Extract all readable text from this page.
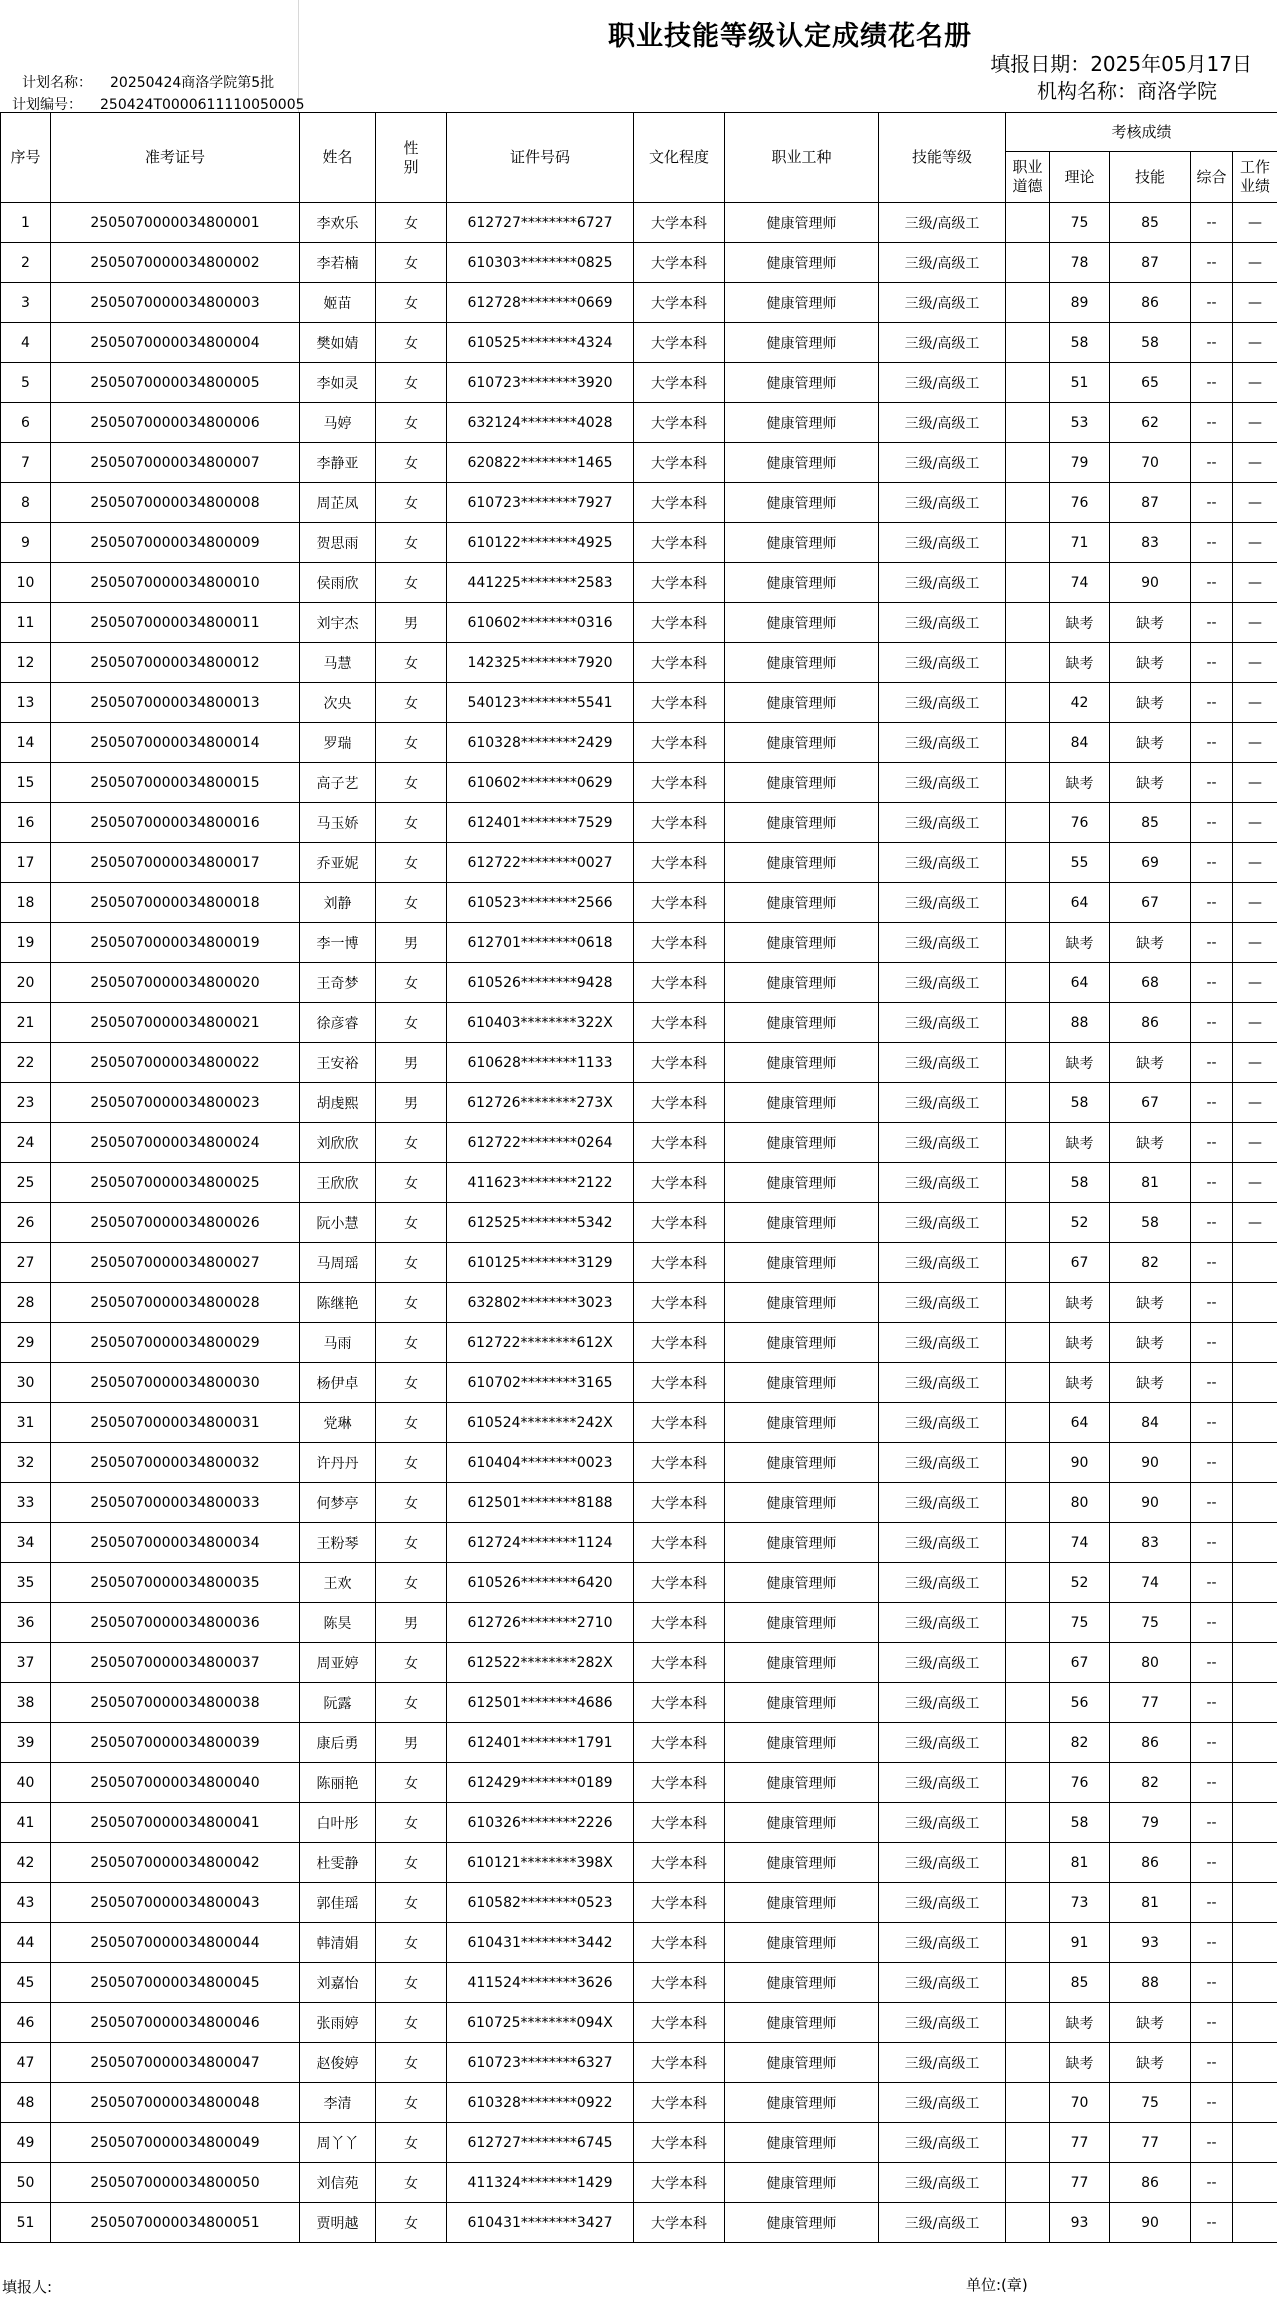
职业技能等级认定成绩花名册
填报日期：2025年05月17日
机构名称：商洛学院
计划名称： 20250424商洛学院第5批
计划编号： 250424T0000611110050005
序号	准考证号	姓名	性别	证件号码	文化程度	职业工种	技能等级	考核成绩				

								职业道德	理论	技能	综合	工作业绩

1	2505070000034800001	李欢乐	女	612727********6727	大学本科	健康管理师	三级/高级工		75	85	--	—
2	2505070000034800002	李若楠	女	610303********0825	大学本科	健康管理师	三级/高级工		78	87	--	—
3	2505070000034800003	姬苗	女	612728********0669	大学本科	健康管理师	三级/高级工		89	86	--	—
4	2505070000034800004	樊如婧	女	610525********4324	大学本科	健康管理师	三级/高级工		58	58	--	—
5	2505070000034800005	李如灵	女	610723********3920	大学本科	健康管理师	三级/高级工		51	65	--	—
6	2505070000034800006	马婷	女	632124********4028	大学本科	健康管理师	三级/高级工		53	62	--	—
7	2505070000034800007	李静亚	女	620822********1465	大学本科	健康管理师	三级/高级工		79	70	--	—
8	2505070000034800008	周芷凤	女	610723********7927	大学本科	健康管理师	三级/高级工		76	87	--	—
9	2505070000034800009	贺思雨	女	610122********4925	大学本科	健康管理师	三级/高级工		71	83	--	—
10	2505070000034800010	侯雨欣	女	441225********2583	大学本科	健康管理师	三级/高级工		74	90	--	—
11	2505070000034800011	刘宇杰	男	610602********0316	大学本科	健康管理师	三级/高级工		缺考	缺考	--	—
12	2505070000034800012	马慧	女	142325********7920	大学本科	健康管理师	三级/高级工		缺考	缺考	--	—
13	2505070000034800013	次央	女	540123********5541	大学本科	健康管理师	三级/高级工		42	缺考	--	—
14	2505070000034800014	罗瑞	女	610328********2429	大学本科	健康管理师	三级/高级工		84	缺考	--	—
15	2505070000034800015	高子艺	女	610602********0629	大学本科	健康管理师	三级/高级工		缺考	缺考	--	—
16	2505070000034800016	马玉娇	女	612401********7529	大学本科	健康管理师	三级/高级工		76	85	--	—
17	2505070000034800017	乔亚妮	女	612722********0027	大学本科	健康管理师	三级/高级工		55	69	--	—
18	2505070000034800018	刘静	女	610523********2566	大学本科	健康管理师	三级/高级工		64	67	--	—
19	2505070000034800019	李一博	男	612701********0618	大学本科	健康管理师	三级/高级工		缺考	缺考	--	—
20	2505070000034800020	王奇梦	女	610526********9428	大学本科	健康管理师	三级/高级工		64	68	--	—
21	2505070000034800021	徐彦睿	女	610403********322X	大学本科	健康管理师	三级/高级工		88	86	--	—
22	2505070000034800022	王安裕	男	610628********1133	大学本科	健康管理师	三级/高级工		缺考	缺考	--	—
23	2505070000034800023	胡虔熙	男	612726********273X	大学本科	健康管理师	三级/高级工		58	67	--	—
24	2505070000034800024	刘欣欣	女	612722********0264	大学本科	健康管理师	三级/高级工		缺考	缺考	--	—
25	2505070000034800025	王欣欣	女	411623********2122	大学本科	健康管理师	三级/高级工		58	81	--	—
26	2505070000034800026	阮小慧	女	612525********5342	大学本科	健康管理师	三级/高级工		52	58	--	—
27	2505070000034800027	马周瑶	女	610125********3129	大学本科	健康管理师	三级/高级工		67	82	--	
28	2505070000034800028	陈继艳	女	632802********3023	大学本科	健康管理师	三级/高级工		缺考	缺考	--	
29	2505070000034800029	马雨	女	612722********612X	大学本科	健康管理师	三级/高级工		缺考	缺考	--	
30	2505070000034800030	杨伊卓	女	610702********3165	大学本科	健康管理师	三级/高级工		缺考	缺考	--	
31	2505070000034800031	党琳	女	610524********242X	大学本科	健康管理师	三级/高级工		64	84	--	
32	2505070000034800032	许丹丹	女	610404********0023	大学本科	健康管理师	三级/高级工		90	90	--	
33	2505070000034800033	何梦亭	女	612501********8188	大学本科	健康管理师	三级/高级工		80	90	--	
34	2505070000034800034	王粉琴	女	612724********1124	大学本科	健康管理师	三级/高级工		74	83	--	
35	2505070000034800035	王欢	女	610526********6420	大学本科	健康管理师	三级/高级工		52	74	--	
36	2505070000034800036	陈昊	男	612726********2710	大学本科	健康管理师	三级/高级工		75	75	--	
37	2505070000034800037	周亚婷	女	612522********282X	大学本科	健康管理师	三级/高级工		67	80	--	
38	2505070000034800038	阮露	女	612501********4686	大学本科	健康管理师	三级/高级工		56	77	--	
39	2505070000034800039	康后勇	男	612401********1791	大学本科	健康管理师	三级/高级工		82	86	--	
40	2505070000034800040	陈丽艳	女	612429********0189	大学本科	健康管理师	三级/高级工		76	82	--	
41	2505070000034800041	白叶彤	女	610326********2226	大学本科	健康管理师	三级/高级工		58	79	--	
42	2505070000034800042	杜雯静	女	610121********398X	大学本科	健康管理师	三级/高级工		81	86	--	
43	2505070000034800043	郭佳瑶	女	610582********0523	大学本科	健康管理师	三级/高级工		73	81	--	
44	2505070000034800044	韩清娟	女	610431********3442	大学本科	健康管理师	三级/高级工		91	93	--	
45	2505070000034800045	刘嘉怡	女	411524********3626	大学本科	健康管理师	三级/高级工		85	88	--	
46	2505070000034800046	张雨婷	女	610725********094X	大学本科	健康管理师	三级/高级工		缺考	缺考	--	
47	2505070000034800047	赵俊婷	女	610723********6327	大学本科	健康管理师	三级/高级工		缺考	缺考	--	
48	2505070000034800048	李清	女	610328********0922	大学本科	健康管理师	三级/高级工		70	75	--	
49	2505070000034800049	周丫丫	女	612727********6745	大学本科	健康管理师	三级/高级工		77	77	--	
50	2505070000034800050	刘信苑	女	411324********1429	大学本科	健康管理师	三级/高级工		77	86	--	
51	2505070000034800051	贾明越	女	610431********3427	大学本科	健康管理师	三级/高级工		93	90	--	
填报人:	单位:(章)
